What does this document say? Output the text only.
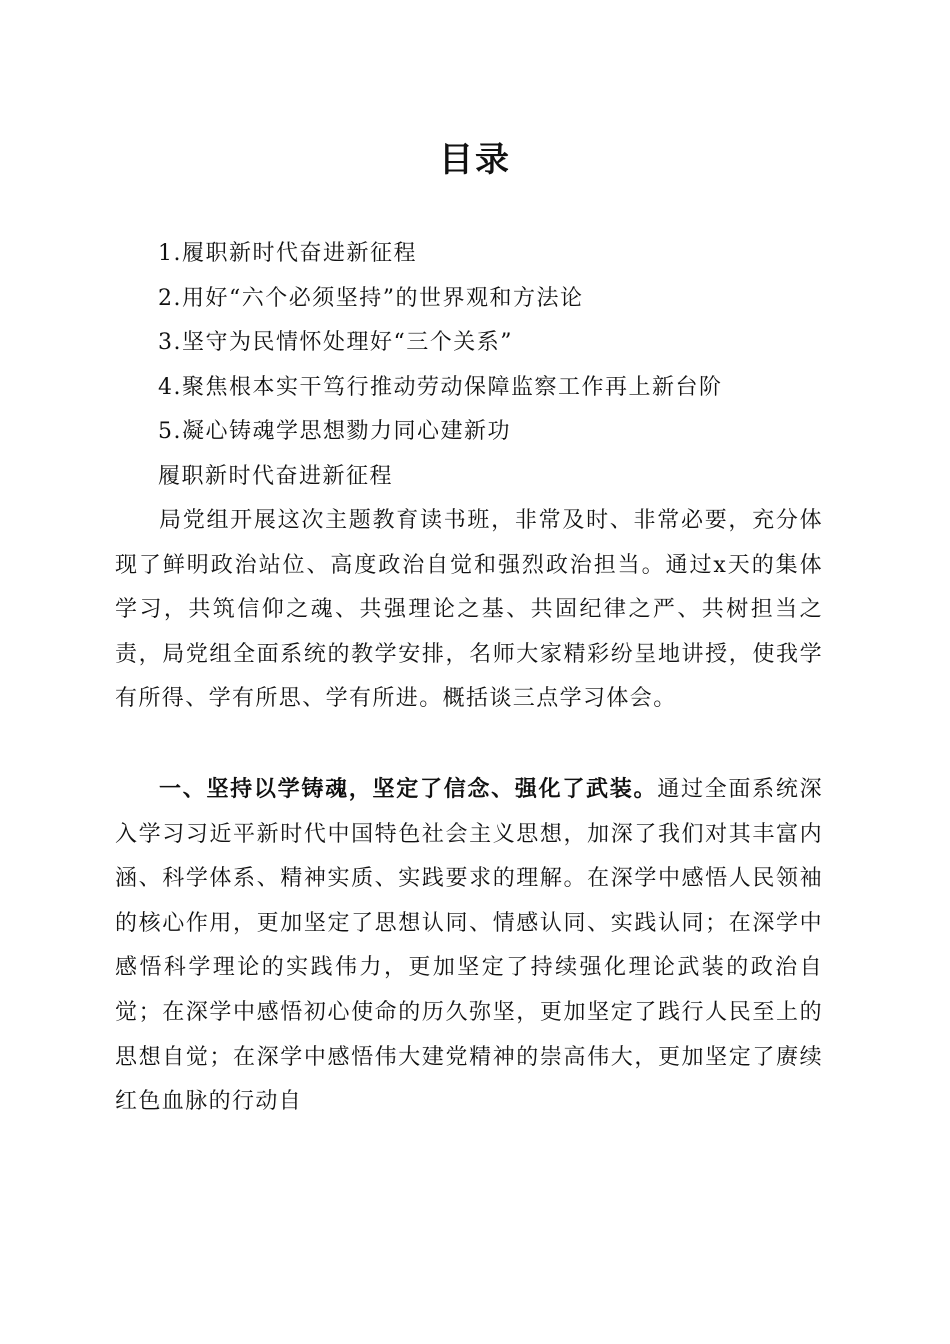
目录
1.履职新时代奋进新征程
2.用好“六个必须坚持”的世界观和方法论
3.坚守为民情怀处理好“三个关系”
4.聚焦根本实干笃行推动劳动保障监察工作再上新台阶
5.凝心铸魂学思想勠力同心建新功
履职新时代奋进新征程

局党组开展这次主题教育读书班，非常及时、非常必要，充分体现了鲜明政治站位、高度政治自觉和强烈政治担当。通过x天的集体学习，共筑信仰之魂、共强理论之基、共固纪律之严、共树担当之责，局党组全面系统的教学安排，名师大家精彩纷呈地讲授，使我学有所得、学有所思、学有所进。概括谈三点学习体会。

一、坚持以学铸魂，坚定了信念、强化了武装。通过全面系统深入学习习近平新时代中国特色社会主义思想，加深了我们对其丰富内涵、科学体系、精神实质、实践要求的理解。在深学中感悟人民领袖的核心作用，更加坚定了思想认同、情感认同、实践认同；在深学中感悟科学理论的实践伟力，更加坚定了持续强化理论武装的政治自觉；在深学中感悟初心使命的历久弥坚，更加坚定了践行人民至上的思想自觉；在深学中感悟伟大建党精神的崇高伟大，更加坚定了赓续红色血脉的行动自
